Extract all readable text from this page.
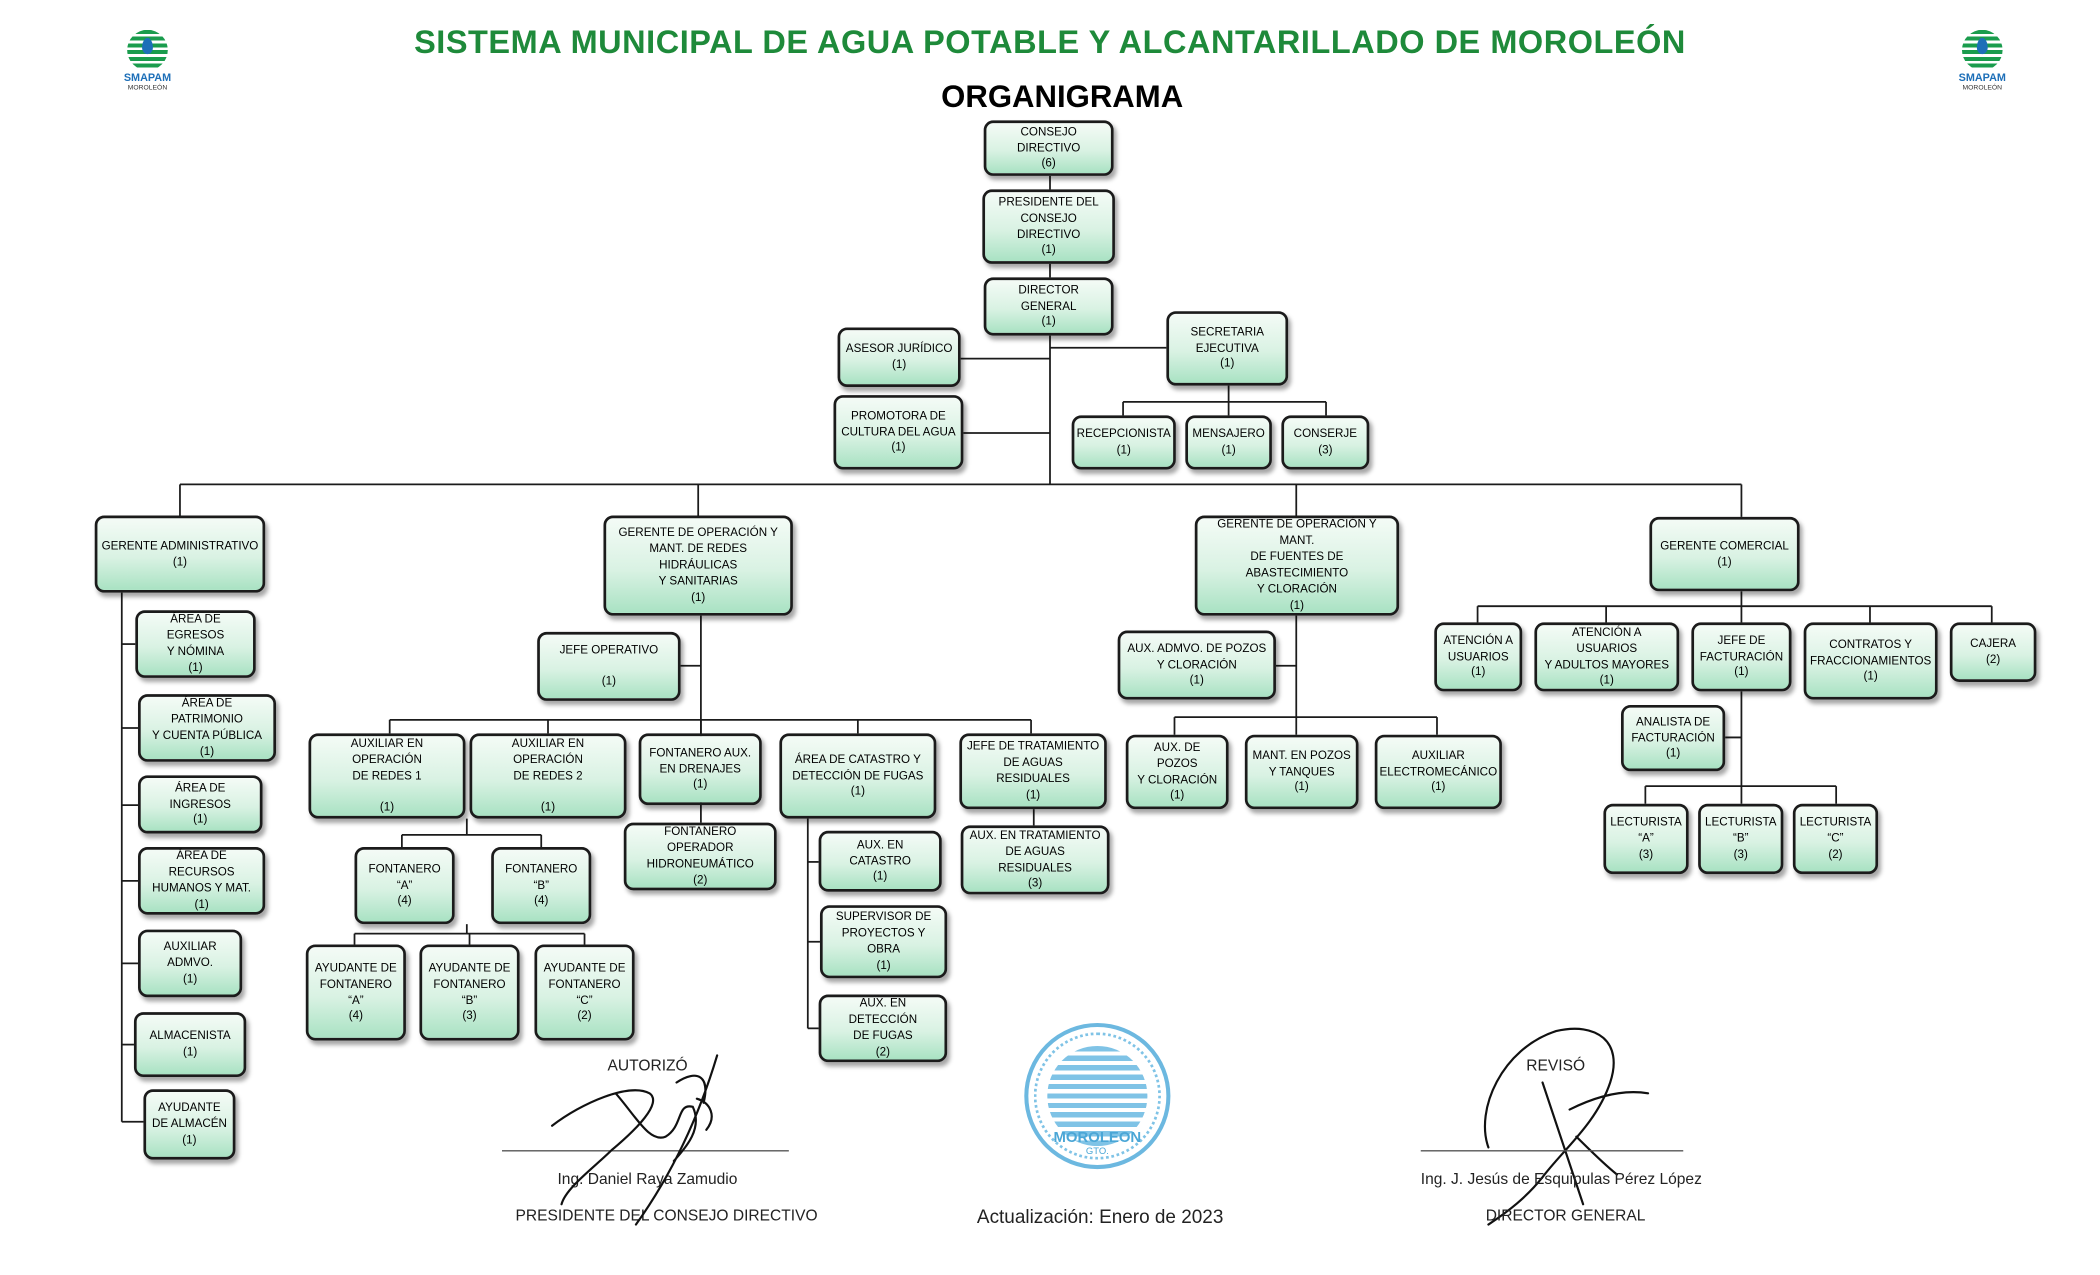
SMAPAM
MOROLEÓN
SMAPAM
MOROLEÓN
SISTEMA MUNICIPAL DE AGUA POTABLE Y ALCANTARILLADO DE MOROLEÓN
ORGANIGRAMA
CONSEJO DIRECTIVO
(6)
PRESIDENTE DEL
CONSEJO DIRECTIVO
(1)
DIRECTOR GENERAL
(1)
ASESOR JURÍDICO
(1)
PROMOTORA DE
CULTURA DEL AGUA
(1)
SECRETARIA
EJECUTIVA
(1)
RECEPCIONISTA
(1)
MENSAJERO
(1)
CONSERJE
(3)
GERENTE ADMINISTRATIVO
(1)
ÁREA DE EGRESOS
Y NÓMINA
(1)
ÁREA DE PATRIMONIO
Y CUENTA PÚBLICA
(1)
ÁREA DE INGRESOS
(1)
ÁREA DE RECURSOS
HUMANOS Y MAT.
(1)
AUXILIAR
ADMVO.
(1)
ALMACENISTA
(1)
AYUDANTE
DE ALMACÉN
(1)
GERENTE DE OPERACIÓN Y
MANT. DE REDES HIDRÁULICAS
Y SANITARIAS
(1)
JEFE OPERATIVO

(1)
AUXILIAR EN OPERACIÓN
DE REDES 1

(1)
AUXILIAR EN OPERACIÓN
DE REDES 2

(1)
FONTANERO AUX.
EN DRENAJES
(1)
FONTANERO OPERADOR
HIDRONEUMÁTICO
(2)
ÁREA DE CATASTRO Y
DETECCIÓN DE FUGAS
(1)
AUX. EN CATASTRO
(1)
SUPERVISOR DE
PROYECTOS Y OBRA
(1)
AUX. EN DETECCIÓN
DE FUGAS
(2)
JEFE DE TRATAMIENTO
DE AGUAS RESIDUALES
(1)
AUX. EN TRATAMIENTO
DE AGUAS RESIDUALES
(3)
FONTANERO
“A”
(4)
FONTANERO
“B”
(4)
AYUDANTE DE
FONTANERO
“A”
(4)
AYUDANTE DE
FONTANERO
“B”
(3)
AYUDANTE DE
FONTANERO
“C”
(2)
GERENTE DE OPERACIÓN Y MANT.
DE FUENTES DE ABASTECIMIENTO
Y CLORACIÓN
(1)
AUX. ADMVO. DE POZOS
Y CLORACIÓN
(1)
AUX. DE POZOS
Y CLORACIÓN
(1)
MANT. EN POZOS
Y TANQUES
(1)
AUXILIAR
ELECTROMECÁNICO
(1)
GERENTE COMERCIAL
(1)
ATENCIÓN A
USUARIOS
(1)
ATENCIÓN A USUARIOS
Y ADULTOS MAYORES
(1)
JEFE DE
FACTURACIÓN
(1)
CONTRATOS Y
FRACCIONAMIENTOS
(1)
CAJERA
(2)
ANALISTA DE
FACTURACIÓN
(1)
LECTURISTA
“A”
(3)
LECTURISTA
“B”
(3)
LECTURISTA
“C”
(2)
AUTORIZÓ
Ing. Daniel Raya Zamudio
PRESIDENTE DEL CONSEJO DIRECTIVO	Actualización: Enero de 2023
MOROLEON
GTO.
REVISÓ
Ing. J. Jesús de Esquipulas Pérez López
DIRECTOR GENERAL
